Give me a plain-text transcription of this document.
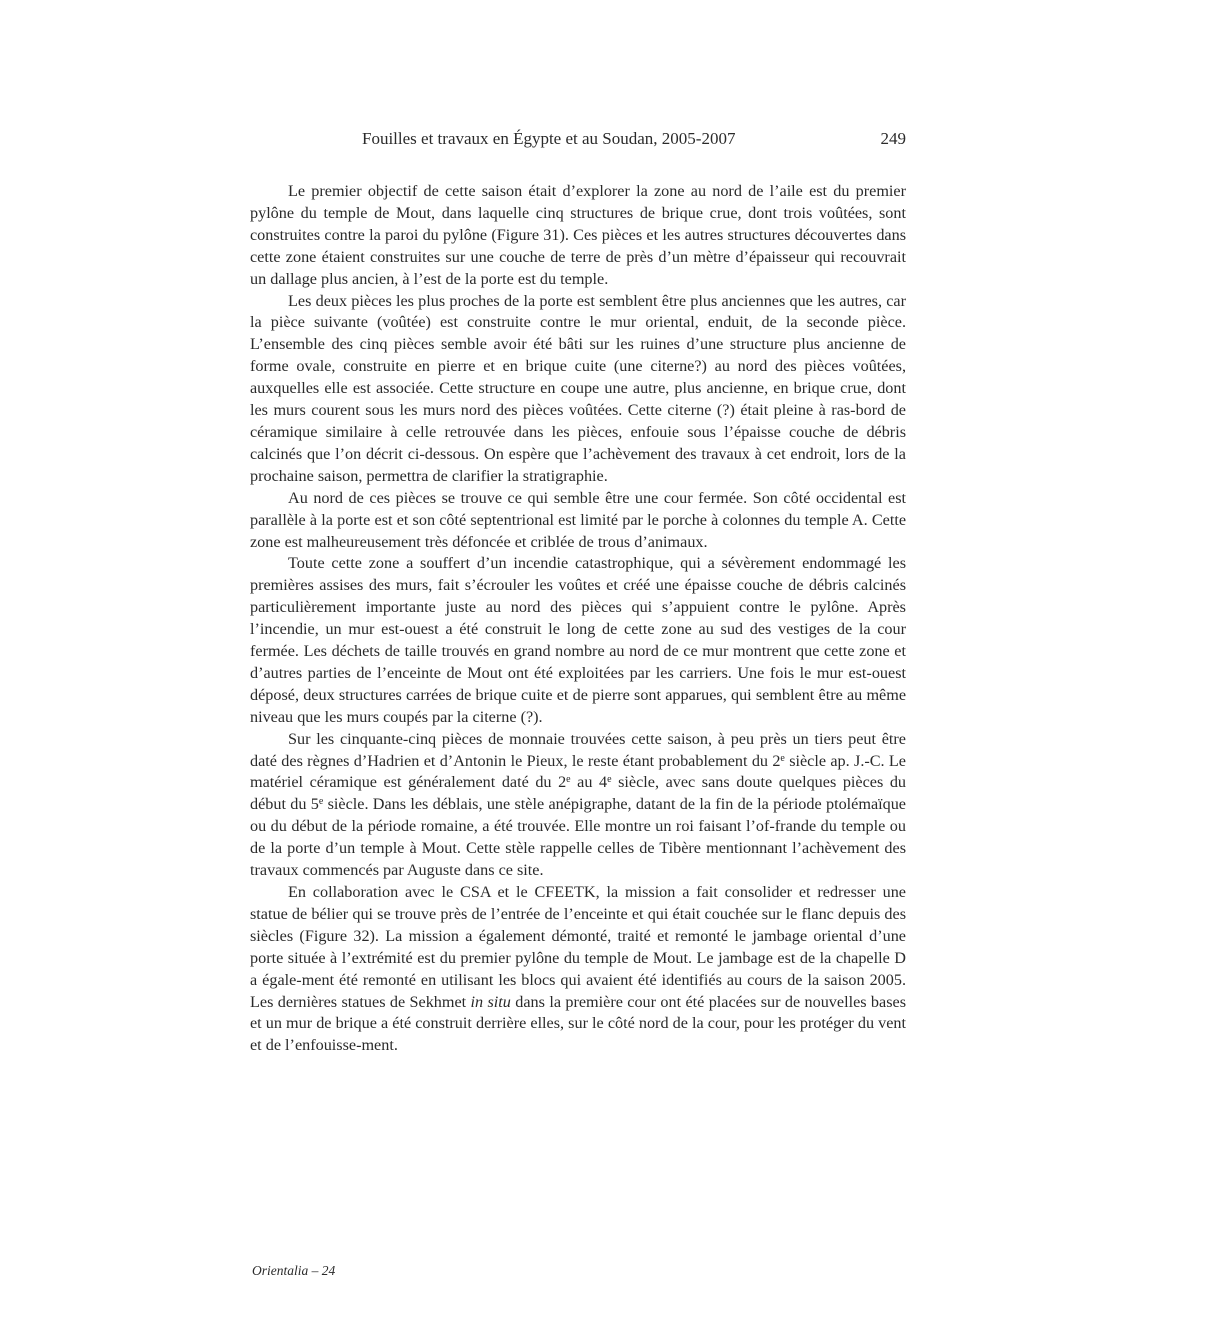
Fouilles et travaux en Égypte et au Soudan, 2005-2007	249

Le premier objectif de cette saison était d’explorer la zone au nord de l’aile est du premier pylône du temple de Mout, dans laquelle cinq structures de brique crue, dont trois voûtées, sont construites contre la paroi du pylône (Figure 31). Ces pièces et les autres structures découvertes dans cette zone étaient construites sur une couche de terre de près d’un mètre d’épaisseur qui recouvrait un dallage plus ancien, à l’est de la porte est du temple.

Les deux pièces les plus proches de la porte est semblent être plus anciennes que les autres, car la pièce suivante (voûtée) est construite contre le mur oriental, enduit, de la seconde pièce. L’ensemble des cinq pièces semble avoir été bâti sur les ruines d’une structure plus ancienne de forme ovale, construite en pierre et en brique cuite (une citerne?) au nord des pièces voûtées, auxquelles elle est associée. Cette structure en coupe une autre, plus ancienne, en brique crue, dont les murs courent sous les murs nord des pièces voûtées. Cette citerne (?) était pleine à ras-bord de céramique similaire à celle retrouvée dans les pièces, enfouie sous l’épaisse couche de débris calcinés que l’on décrit ci-dessous. On espère que l’achèvement des travaux à cet endroit, lors de la prochaine saison, permettra de clarifier la stratigraphie.

Au nord de ces pièces se trouve ce qui semble être une cour fermée. Son côté occidental est parallèle à la porte est et son côté septentrional est limité par le porche à colonnes du temple A. Cette zone est malheureusement très défoncée et criblée de trous d’animaux.

Toute cette zone a souffert d’un incendie catastrophique, qui a sévèrement endommagé les premières assises des murs, fait s’écrouler les voûtes et créé une épaisse couche de débris calcinés particulièrement importante juste au nord des pièces qui s’appuient contre le pylône. Après l’incendie, un mur est-ouest a été construit le long de cette zone au sud des vestiges de la cour fermée. Les déchets de taille trouvés en grand nombre au nord de ce mur montrent que cette zone et d’autres parties de l’enceinte de Mout ont été exploitées par les carriers. Une fois le mur est-ouest déposé, deux structures carrées de brique cuite et de pierre sont apparues, qui semblent être au même niveau que les murs coupés par la citerne (?).

Sur les cinquante-cinq pièces de monnaie trouvées cette saison, à peu près un tiers peut être daté des règnes d’Hadrien et d’Antonin le Pieux, le reste étant probablement du 2e siècle ap. J.-C. Le matériel céramique est généralement daté du 2e au 4e siècle, avec sans doute quelques pièces du début du 5e siècle. Dans les déblais, une stèle anépigraphe, datant de la fin de la période ptolémaïque ou du début de la période romaine, a été trouvée. Elle montre un roi faisant l’of-frande du temple ou de la porte d’un temple à Mout. Cette stèle rappelle celles de Tibère mentionnant l’achèvement des travaux commencés par Auguste dans ce site.

En collaboration avec le CSA et le CFEETK, la mission a fait consolider et redresser une statue de bélier qui se trouve près de l’entrée de l’enceinte et qui était couchée sur le flanc depuis des siècles (Figure 32). La mission a également démonté, traité et remonté le jambage oriental d’une porte située à l’extrémité est du premier pylône du temple de Mout. Le jambage est de la chapelle D a égale-ment été remonté en utilisant les blocs qui avaient été identifiés au cours de la saison 2005. Les dernières statues de Sekhmet in situ dans la première cour ont été placées sur de nouvelles bases et un mur de brique a été construit derrière elles, sur le côté nord de la cour, pour les protéger du vent et de l’enfouisse-ment.

Orientalia – 24
